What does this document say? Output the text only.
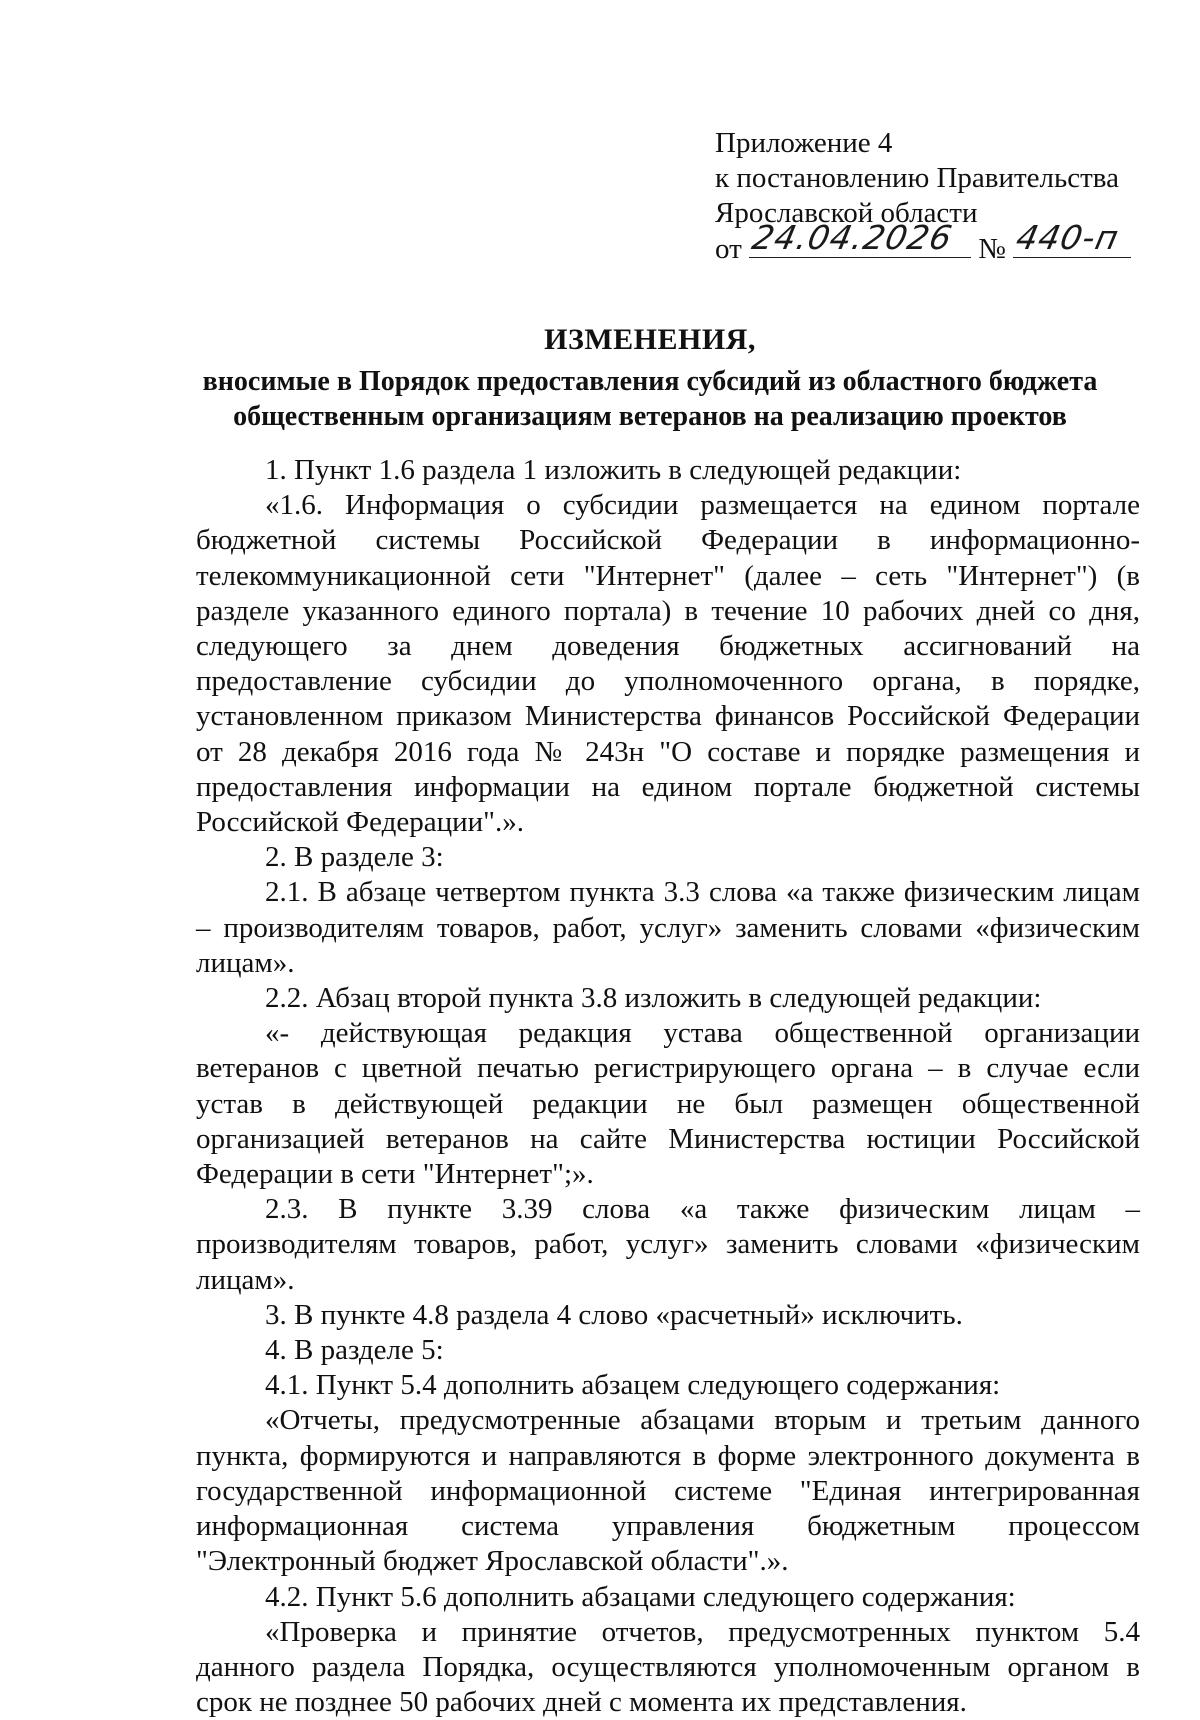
Приложение 4
к постановлению Правительства
Ярославской области
от 24.04.2026 № 440-п
ИЗМЕНЕНИЯ,
вносимые в Порядок предоставления субсидий из областного бюджета
общественным организациям ветеранов на реализацию проектов

1. Пункт 1.6 раздела 1 изложить в следующей редакции:

«1.6. Информация о субсидии размещается на едином портале бюджетной системы Российской Федерации в информационно-телекоммуникационной сети "Интернет" (далее – сеть "Интернет") (в разделе указанного единого портала) в течение 10 рабочих дней со дня, следующего за днем доведения бюджетных ассигнований на предоставление субсидии до уполномоченного органа, в порядке, установленном приказом Министерства финансов Российской Федерации от 28 декабря 2016 года № 243н "О составе и порядке размещения и предоставления информации на едином портале бюджетной системы Российской Федерации".».

2. В разделе 3:

2.1. В абзаце четвертом пункта 3.3 слова «а также физическим лицам – производителям товаров, работ, услуг» заменить словами «физическим лицам».

2.2. Абзац второй пункта 3.8 изложить в следующей редакции:

«- действующая редакция устава общественной организации ветеранов с цветной печатью регистрирующего органа – в случае если устав в действующей редакции не был размещен общественной организацией ветеранов на сайте Министерства юстиции Российской Федерации в сети "Интернет";».

2.3. В пункте 3.39 слова «а также физическим лицам – производителям товаров, работ, услуг» заменить словами «физическим лицам».

3. В пункте 4.8 раздела 4 слово «расчетный» исключить.

4. В разделе 5:

4.1. Пункт 5.4 дополнить абзацем следующего содержания:

«Отчеты, предусмотренные абзацами вторым и третьим данного пункта, формируются и направляются в форме электронного документа в государственной информационной системе "Единая интегрированная информационная система управления бюджетным процессом "Электронный бюджет Ярославской области".».

4.2. Пункт 5.6 дополнить абзацами следующего содержания:

«Проверка и принятие отчетов, предусмотренных пунктом 5.4 данного раздела Порядка, осуществляются уполномоченным органом в срок не позднее 50 рабочих дней с момента их представления.
